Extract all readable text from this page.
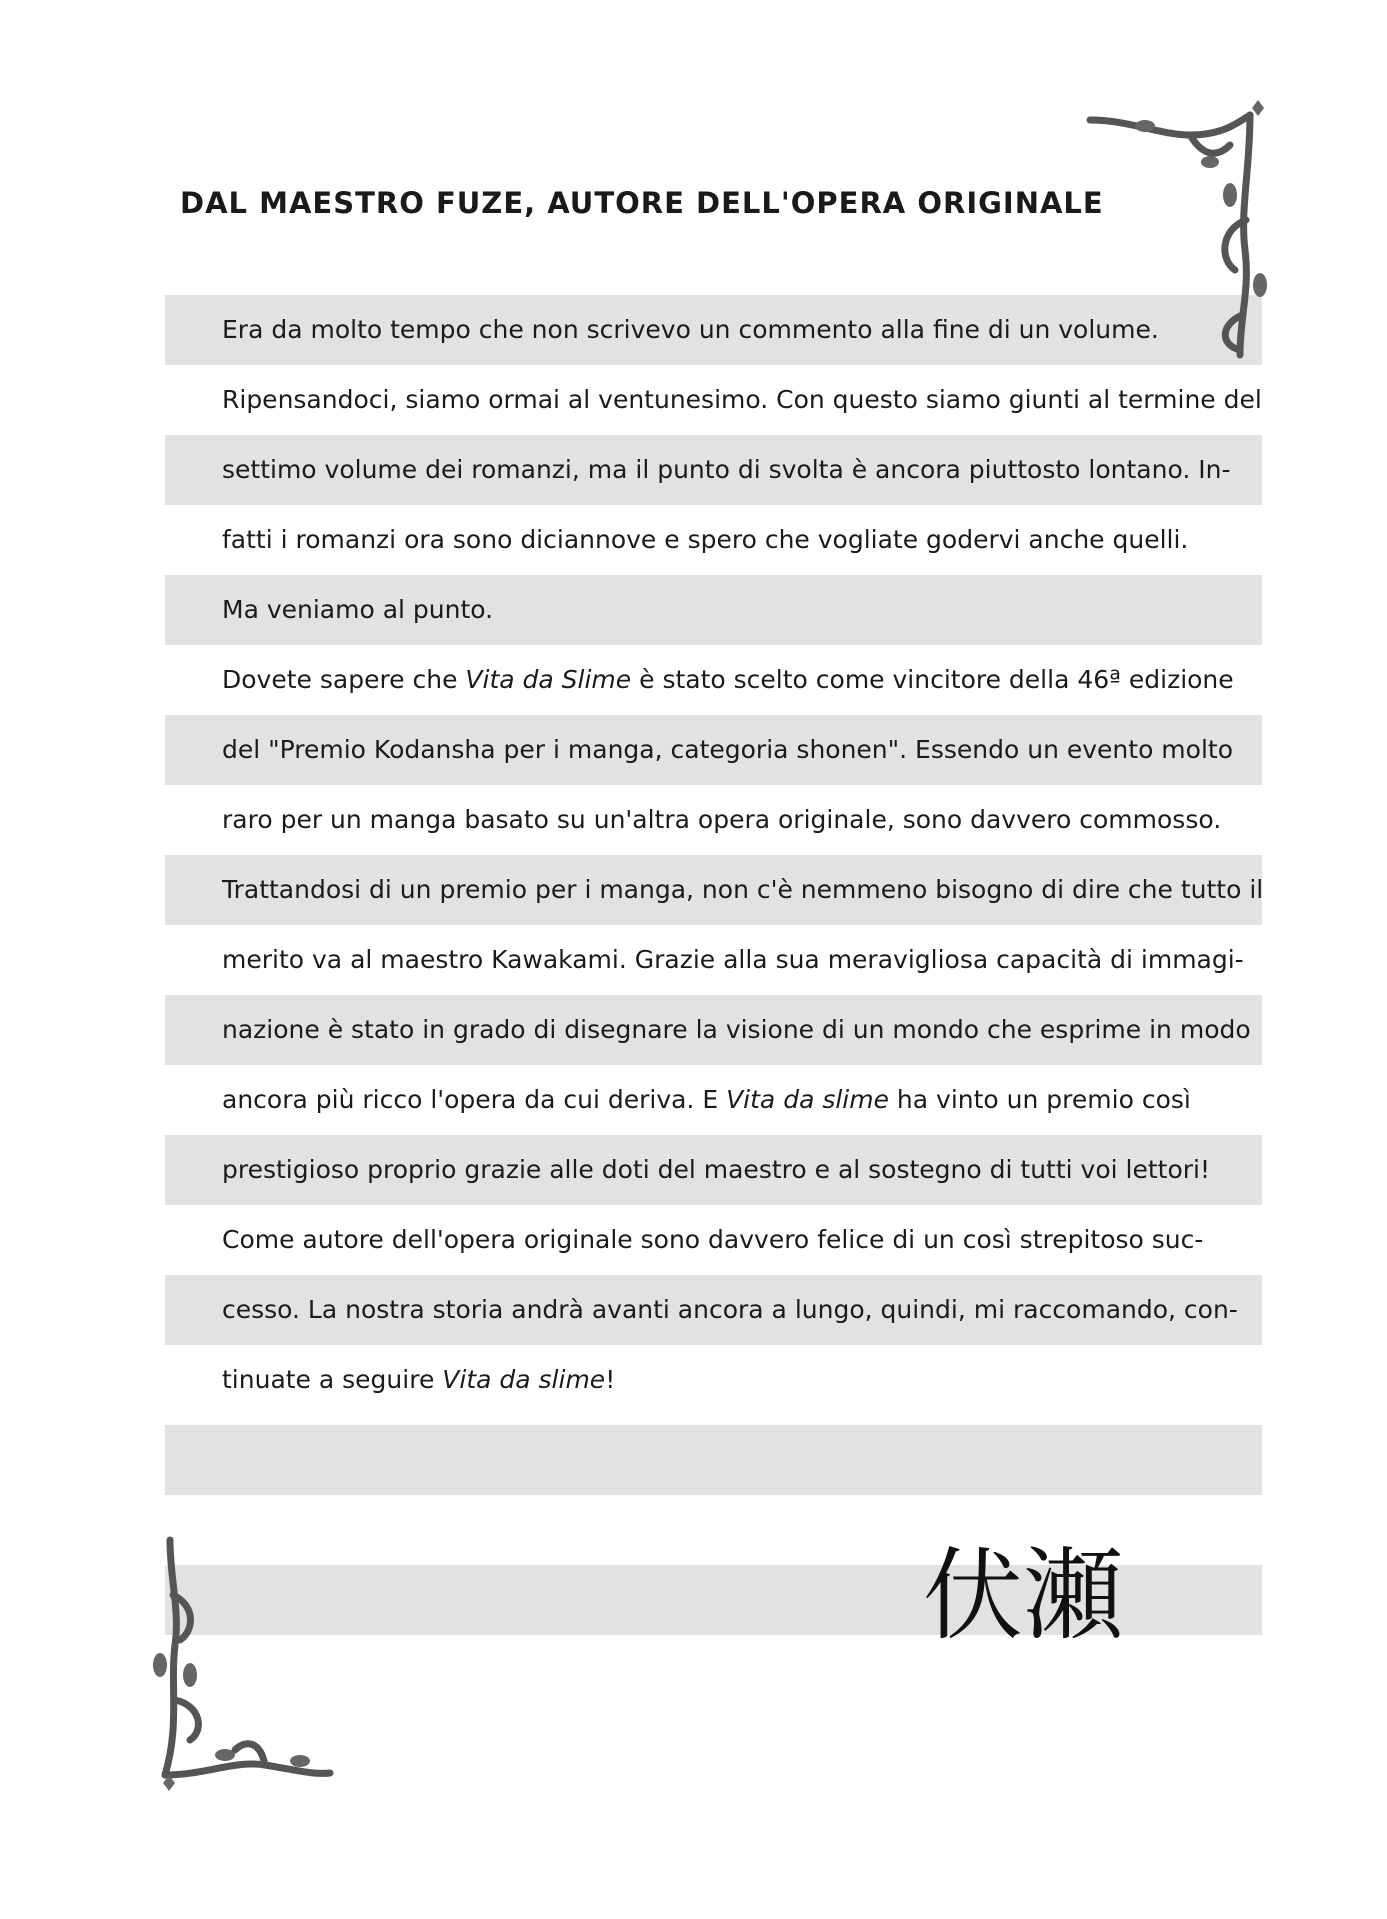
DAL MAESTRO FUZE, AUTORE DELL'OPERA ORIGINALE
Era da molto tempo che non scrivevo un commento alla fine di un volume.
Ripensandoci, siamo ormai al ventunesimo. Con questo siamo giunti al termine del
settimo volume dei romanzi, ma il punto di svolta è ancora piuttosto lontano. In-
fatti i romanzi ora sono diciannove e spero che vogliate godervi anche quelli.
Ma veniamo al punto.
Dovete sapere che Vita da Slime è stato scelto come vincitore della 46ª edizione
del "Premio Kodansha per i manga, categoria shonen". Essendo un evento molto
raro per un manga basato su un'altra opera originale, sono davvero commosso.
Trattandosi di un premio per i manga, non c'è nemmeno bisogno di dire che tutto il
merito va al maestro Kawakami. Grazie alla sua meravigliosa capacità di immagi-
nazione è stato in grado di disegnare la visione di un mondo che esprime in modo
ancora più ricco l'opera da cui deriva. E Vita da slime ha vinto un premio così
prestigioso proprio grazie alle doti del maestro e al sostegno di tutti voi lettori!
Come autore dell'opera originale sono davvero felice di un così strepitoso suc-
cesso. La nostra storia andrà avanti ancora a lungo, quindi, mi raccomando, con-
tinuate a seguire Vita da slime!
伏瀬
